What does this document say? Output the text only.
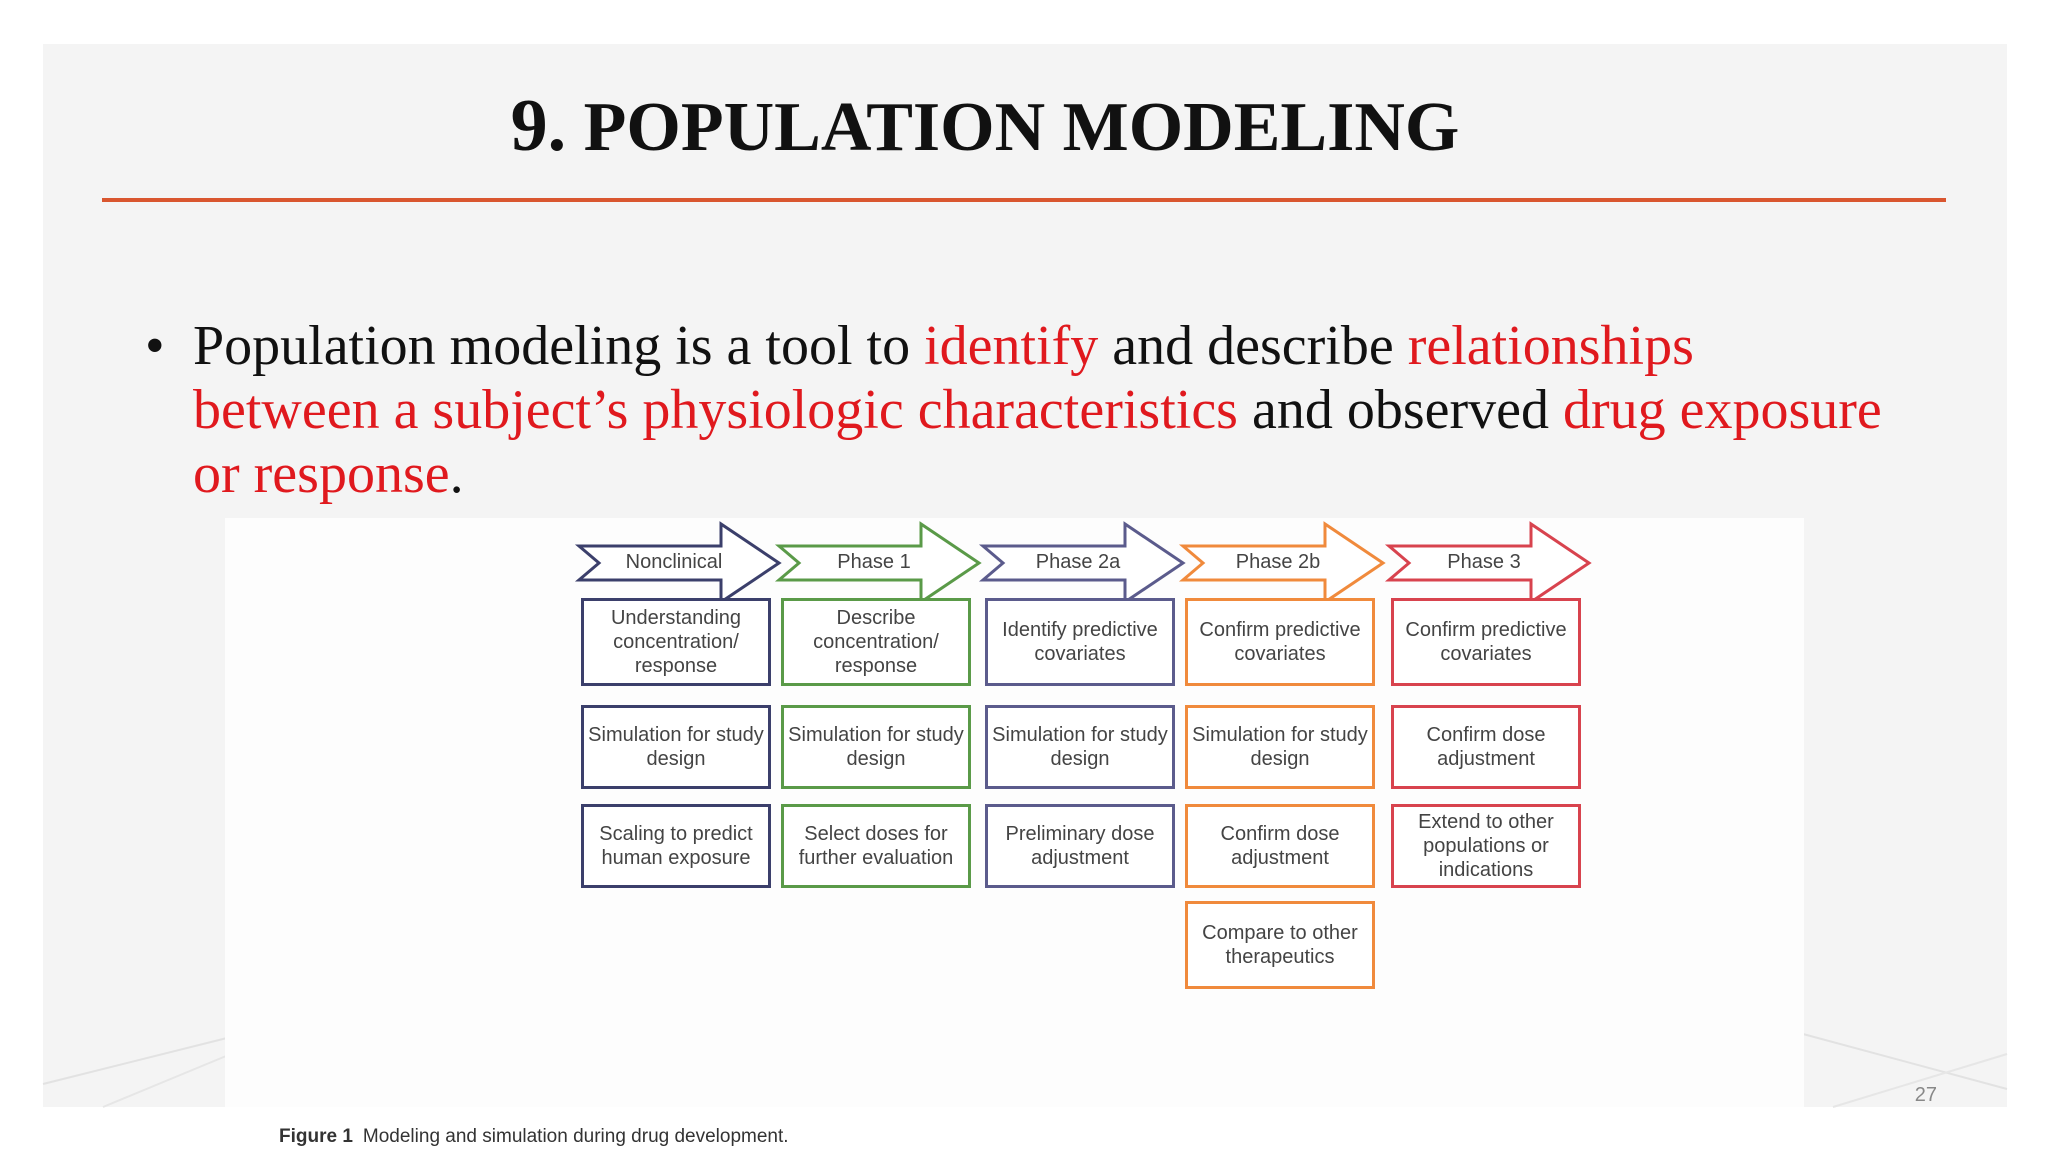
9. POPULATION MODELING
• Population modeling is a tool to identify and describe relationships between a subject’s physiologic characteristics and observed drug exposure or response.
Nonclinical
Understanding concentration/ response
Simulation for study design
Scaling to predict human exposure
Phase 1
Describe concentration/ response
Simulation for study design
Select doses for further evaluation
Phase 2a
Identify predictive covariates
Simulation for study design
Preliminary dose adjustment
Phase 2b
Confirm predictive covariates
Simulation for study design
Confirm dose adjustment
Compare to other therapeutics
Phase 3
Confirm predictive covariates
Confirm dose adjustment
Extend to other populations or indications
Figure 1 Modeling and simulation during drug development.
27
